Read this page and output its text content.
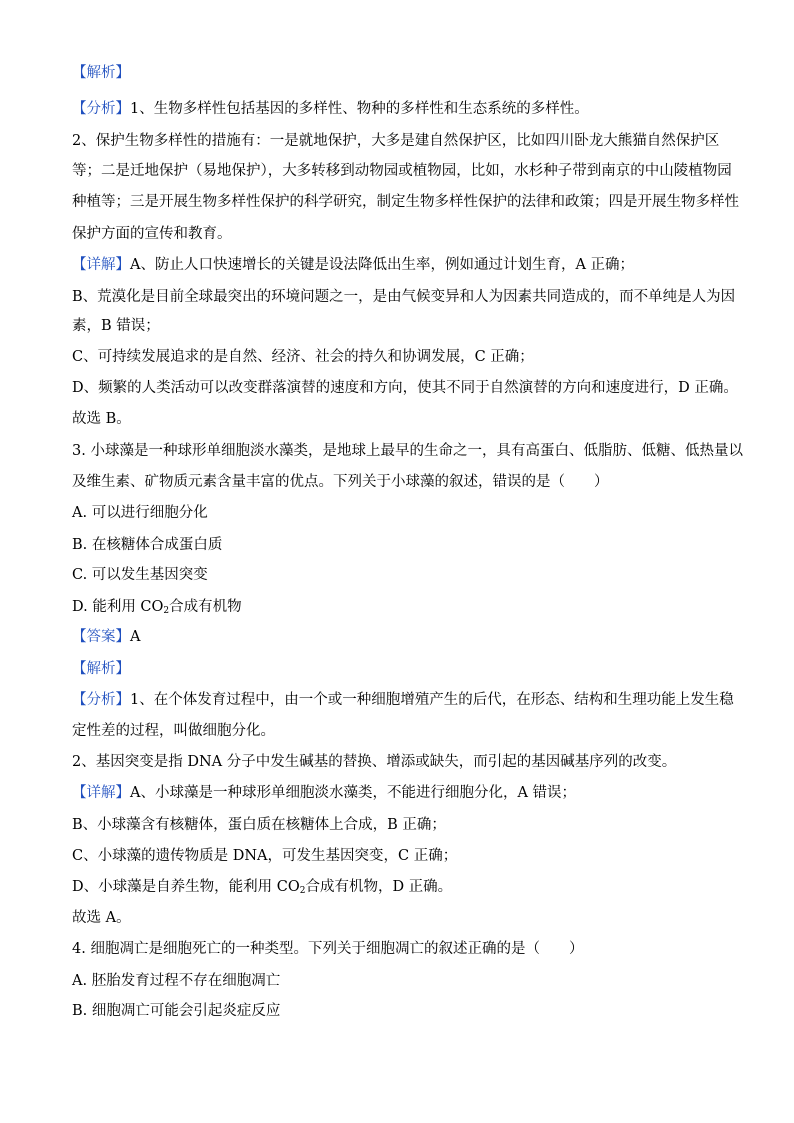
【解析】
【分析】1、生物多样性包括基因的多样性、物种的多样性和生态系统的多样性。
2、保护生物多样性的措施有：一是就地保护，大多是建自然保护区，比如四川卧龙大熊猫自然保护区
等；二是迁地保护（易地保护），大多转移到动物园或植物园，比如，水杉种子带到南京的中山陵植物园
种植等；三是开展生物多样性保护的科学研究，制定生物多样性保护的法律和政策；四是开展生物多样性
保护方面的宣传和教育。
【详解】A、防止人口快速增长的关键是设法降低出生率，例如通过计划生育，A 正确；
B、荒漠化是目前全球最突出的环境问题之一，是由气候变异和人为因素共同造成的，而不单纯是人为因
素，B 错误；
C、可持续发展追求的是自然、经济、社会的持久和协调发展，C 正确；
D、频繁的人类活动可以改变群落演替的速度和方向，使其不同于自然演替的方向和速度进行，D 正确。
故选 B。
3. 小球藻是一种球形单细胞淡水藻类，是地球上最早的生命之一，具有高蛋白、低脂肪、低糖、低热量以
及维生素、矿物质元素含量丰富的优点。下列关于小球藻的叙述，错误的是（　　）
A. 可以进行细胞分化
B. 在核糖体合成蛋白质
C. 可以发生基因突变
D. 能利用 $CO_2$合成有机物
【答案】A
【解析】
【分析】1、在个体发育过程中，由一个或一种细胞增殖产生的后代，在形态、结构和生理功能上发生稳
定性差的过程，叫做细胞分化。
2、基因突变是指 DNA 分子中发生碱基的替换、增添或缺失，而引起的基因碱基序列的改变。
【详解】A、小球藻是一种球形单细胞淡水藻类，不能进行细胞分化，A 错误；
B、小球藻含有核糖体，蛋白质在核糖体上合成，B 正确；
C、小球藻的遗传物质是 DNA，可发生基因突变，C 正确；
D、小球藻是自养生物，能利用 $CO_2$合成有机物，D 正确。
故选 A。
4. 细胞凋亡是细胞死亡的一种类型。下列关于细胞凋亡的叙述正确的是（　　）
A. 胚胎发育过程不存在细胞凋亡
B. 细胞凋亡可能会引起炎症反应
